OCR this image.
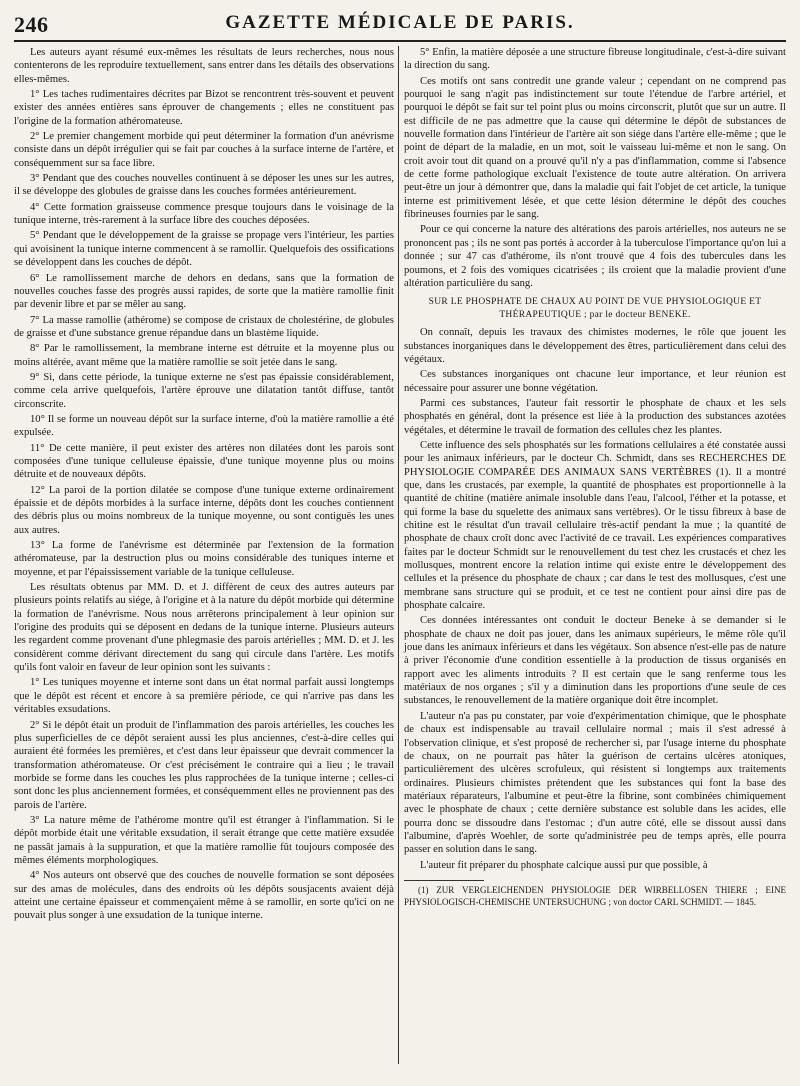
246	GAZETTE MÉDICALE DE PARIS.

Les auteurs ayant résumé eux-mêmes les résultats de leurs recherches, nous nous contenterons de les reproduire textuellement, sans entrer dans les détails des observations elles-mêmes.

1° Les taches rudimentaires décrites par Bizot se rencontrent très-souvent et peuvent exister des années entières sans éprouver de changements ; elles ne constituent pas l'origine de la formation athéromateuse.

2° Le premier changement morbide qui peut déterminer la formation d'un anévrisme consiste dans un dépôt irrégulier qui se fait par couches à la surface interne de l'artère, et conséquemment sur sa face libre.

3° Pendant que des couches nouvelles continuent à se déposer les unes sur les autres, il se développe des globules de graisse dans les couches formées antérieurement.

4° Cette formation graisseuse commence presque toujours dans le voisinage de la tunique interne, très-rarement à la surface libre des couches déposées.

5° Pendant que le développement de la graisse se propage vers l'intérieur, les parties qui avoisinent la tunique interne commencent à se ramollir. Quelquefois des ossifications se développent dans les couches de dépôt.

6° Le ramollissement marche de dehors en dedans, sans que la formation de nouvelles couches fasse des progrès aussi rapides, de sorte que la matière ramollie finit par devenir libre et par se mêler au sang.

7° La masse ramollie (athérome) se compose de cristaux de cholestérine, de globules de graisse et d'une substance grenue répandue dans un blastème liquide.

8° Par le ramollissement, la membrane interne est détruite et la moyenne plus ou moins altérée, avant même que la matière ramollie se soit jetée dans le sang.

9° Si, dans cette période, la tunique externe ne s'est pas épaissie considérablement, comme cela arrive quelquefois, l'artère éprouve une dilatation tantôt diffuse, tantôt circonscrite.

10° Il se forme un nouveau dépôt sur la surface interne, d'où la matière ramollie a été expulsée.

11° De cette manière, il peut exister des artères non dilatées dont les parois sont composées d'une tunique celluleuse épaissie, d'une tunique moyenne plus ou moins détruite et de nouveaux dépôts.

12° La paroi de la portion dilatée se compose d'une tunique externe ordinairement épaissie et de dépôts morbides à la surface interne, dépôts dont les couches contiennent des débris plus ou moins nombreux de la tunique moyenne, ou sont contiguës les unes aux autres.

13° La forme de l'anévrisme est déterminée par l'extension de la formation athéromateuse, par la destruction plus ou moins considérable des tuniques interne et moyenne, et par l'épaississement variable de la tunique celluleuse.

Les résultats obtenus par MM. D. et J. diffèrent de ceux des autres auteurs par plusieurs points relatifs au siége, à l'origine et à la nature du dépôt morbide qui détermine la formation de l'anévrisme. Nous nous arrêterons principalement à leur opinion sur l'origine des produits qui se déposent en dedans de la tunique interne. Plusieurs auteurs les regardent comme provenant d'une phlegmasie des parois artérielles ; MM. D. et J. les considèrent comme dérivant directement du sang qui circule dans l'artère. Les motifs qu'ils font valoir en faveur de leur opinion sont les suivants :

1° Les tuniques moyenne et interne sont dans un état normal parfait aussi longtemps que le dépôt est récent et encore à sa première période, ce qui n'arrive pas dans les véritables exsudations.

2° Si le dépôt était un produit de l'inflammation des parois artérielles, les couches les plus superficielles de ce dépôt seraient aussi les plus anciennes, c'est-à-dire celles qui auraient été formées les premières, et c'est dans leur épaisseur que devrait commencer la transformation athéromateuse. Or c'est précisément le contraire qui a lieu ; le travail morbide se forme dans les couches les plus rapprochées de la tunique interne ; celles-ci sont donc les plus anciennement formées, et conséquemment elles ne proviennent pas des parois de l'artère.

3° La nature même de l'athérome montre qu'il est étranger à l'inflammation. Si le dépôt morbide était une véritable exsudation, il serait étrange que cette matière exsudée ne passât jamais à la suppuration, et que la matière ramollie fût toujours composée des mêmes éléments morphologiques.

4° Nos auteurs ont observé que des couches de nouvelle formation se sont déposées sur des amas de molécules, dans des endroits où les dépôts sousjacents avaient déjà atteint une certaine épaisseur et commençaient même à se ramollir, en sorte qu'ici on ne pouvait plus songer à une exsudation de la tunique interne.

5° Enfin, la matière déposée a une structure fibreuse longitudinale, c'est-à-dire suivant la direction du sang.

Ces motifs ont sans contredit une grande valeur ; cependant on ne comprend pas pourquoi le sang n'agit pas indistinctement sur toute l'étendue de l'arbre artériel, et pourquoi le dépôt se fait sur tel point plus ou moins circonscrit, plutôt que sur un autre. Il est difficile de ne pas admettre que la cause qui détermine le dépôt de substances de nouvelle formation dans l'intérieur de l'artère ait son siége dans l'artère elle-même ; que le point de départ de la maladie, en un mot, soit le vaisseau lui-même et non le sang. On croit avoir tout dit quand on a prouvé qu'il n'y a pas d'inflammation, comme si l'absence de cette forme pathologique excluait l'existence de toute autre altération. On arrivera peut-être un jour à démontrer que, dans la maladie qui fait l'objet de cet article, la tunique interne est primitivement lésée, et que cette lésion détermine le dépôt des couches fibrineuses fournies par le sang.

Pour ce qui concerne la nature des altérations des parois artérielles, nos auteurs ne se prononcent pas ; ils ne sont pas portés à accorder à la tuberculose l'importance qu'on lui a donnée ; sur 47 cas d'athérome, ils n'ont trouvé que 4 fois des tubercules dans les poumons, et 2 fois des vomiques cicatrisées ; ils croient que la maladie provient d'une altération particulière du sang.

SUR LE PHOSPHATE DE CHAUX AU POINT DE VUE PHYSIOLOGIQUE ET THÉRAPEUTIQUE ; par le docteur BENEKE.

On connaît, depuis les travaux des chimistes modernes, le rôle que jouent les substances inorganiques dans le développement des êtres, particulièrement dans celui des végétaux.

Ces substances inorganiques ont chacune leur importance, et leur réunion est nécessaire pour assurer une bonne végétation.

Parmi ces substances, l'auteur fait ressortir le phosphate de chaux et les sels phosphatés en général, dont la présence est liée à la production des substances azotées végétales, et détermine le travail de formation des cellules chez les plantes.

Cette influence des sels phosphatés sur les formations cellulaires a été constatée aussi pour les animaux inférieurs, par le docteur Ch. Schmidt, dans ses RECHERCHES DE PHYSIOLOGIE COMPARÉE DES ANIMAUX SANS VERTÈBRES (1). Il a montré que, dans les crustacés, par exemple, la quantité de phosphates est proportionnelle à la quantité de chitine (matière animale insoluble dans l'eau, l'alcool, l'éther et la potasse, et qui forme la base du squelette des animaux sans vertèbres). Or le tissu fibreux à base de chitine est le résultat d'un travail cellulaire très-actif pendant la mue ; la quantité de phosphate de chaux croît donc avec l'activité de ce travail. Les expériences comparatives faites par le docteur Schmidt sur le renouvellement du test chez les crustacés et chez les mollusques, montrent encore la relation intime qui existe entre le développement des cellules et la présence du phosphate de chaux ; car dans le test des mollusques, c'est une membrane sans structure qui se produit, et ce test ne contient pour ainsi dire pas de phosphate calcaire.

Ces données intéressantes ont conduit le docteur Beneke à se demander si le phosphate de chaux ne doit pas jouer, dans les animaux supérieurs, le même rôle qu'il joue dans les animaux inférieurs et dans les végétaux. Son absence n'est-elle pas de nature à priver l'économie d'une condition essentielle à la production de tissus organisés en rapport avec les aliments introduits ? Il est certain que le sang renferme tous les matériaux de nos organes ; s'il y a diminution dans les proportions d'une seule de ces substances, le renouvellement de la matière organique doit être incomplet.

L'auteur n'a pas pu constater, par voie d'expérimentation chimique, que le phosphate de chaux est indispensable au travail cellulaire normal ; mais il s'est adressé à l'observation clinique, et s'est proposé de rechercher si, par l'usage interne du phosphate de chaux, on ne pourrait pas hâter la guérison de certains ulcères atoniques, particulièrement des ulcères scrofuleux, qui résistent si longtemps aux traitements ordinaires. Plusieurs chimistes prétendent que les substances qui font la base des matériaux réparateurs, l'albumine et peut-être la fibrine, sont combinées chimiquement avec le phosphate de chaux ; cette dernière substance est soluble dans les acides, elle pourra donc se dissoudre dans l'estomac ; d'un autre côté, elle se dissout aussi dans l'albumine, d'après Woehler, de sorte qu'administrée peu de temps après, elle pourra passer en solution dans le sang.

L'auteur fit préparer du phosphate calcique aussi pur que possible, à

(1) ZUR VERGLEICHENDEN PHYSIOLOGIE DER WIRBELLOSEN THIERE ; EINE PHYSIOLOGISCH-CHEMISCHE UNTERSUCHUNG ; von doctor CARL SCHMIDT. — 1845.
